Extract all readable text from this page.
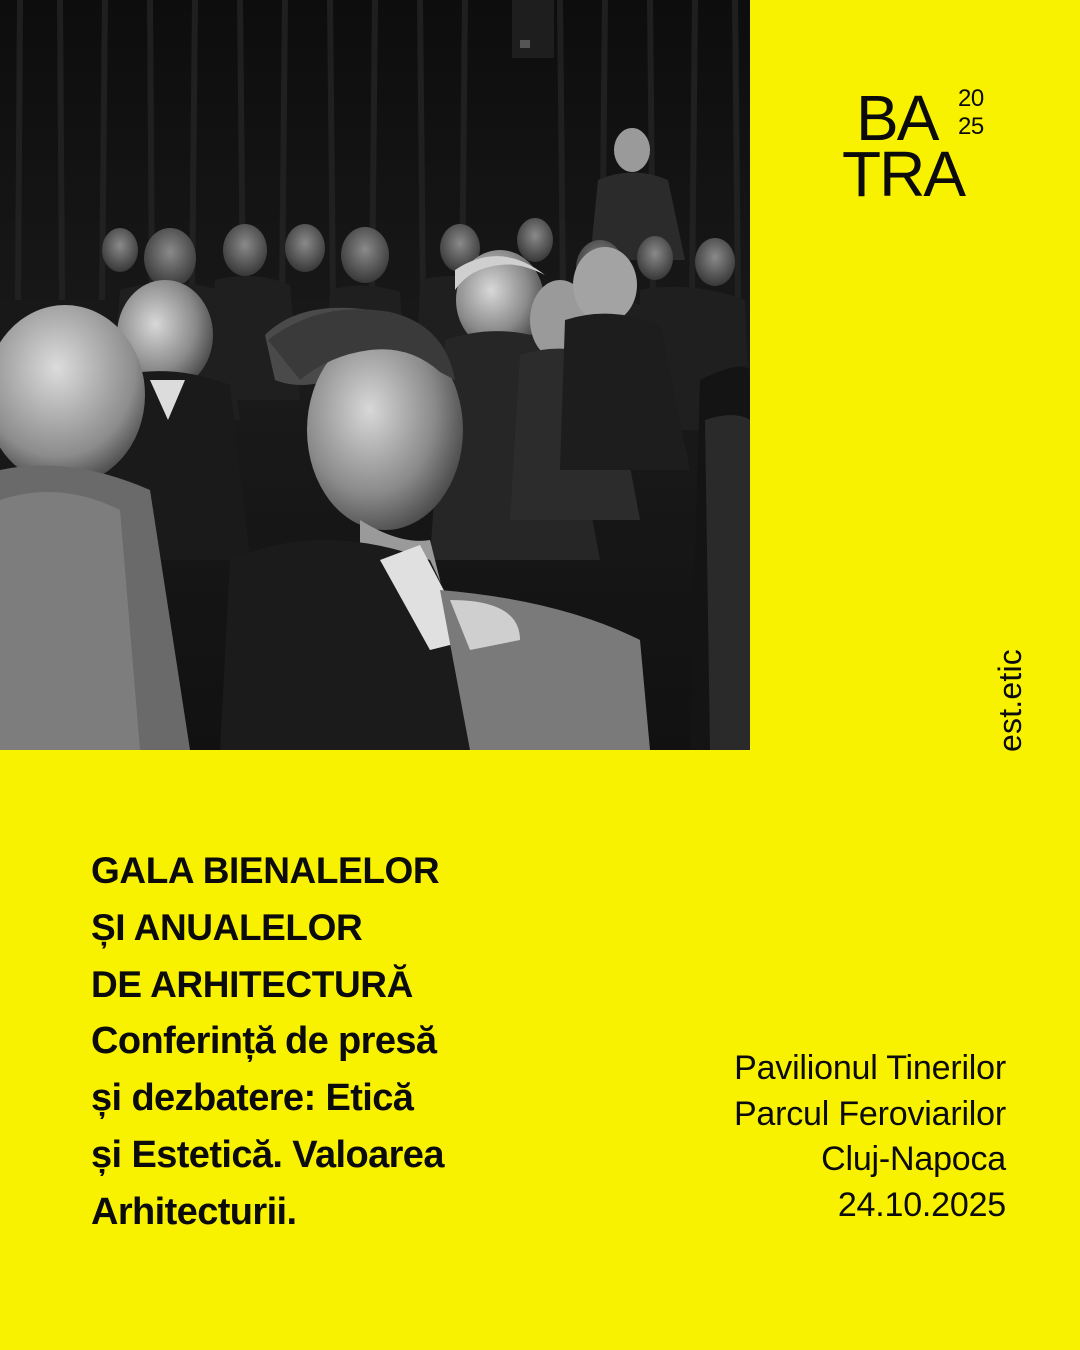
BA
TRA
20
25
est.etic
GALA BIENALELOR
ȘI ANUALELOR
DE ARHITECTURĂ
Conferință de presă
și dezbatere: Etică
și Estetică. Valoarea
Arhitecturii.
Pavilionul Tinerilor
Parcul Feroviarilor
Cluj-Napoca
24.10.2025
